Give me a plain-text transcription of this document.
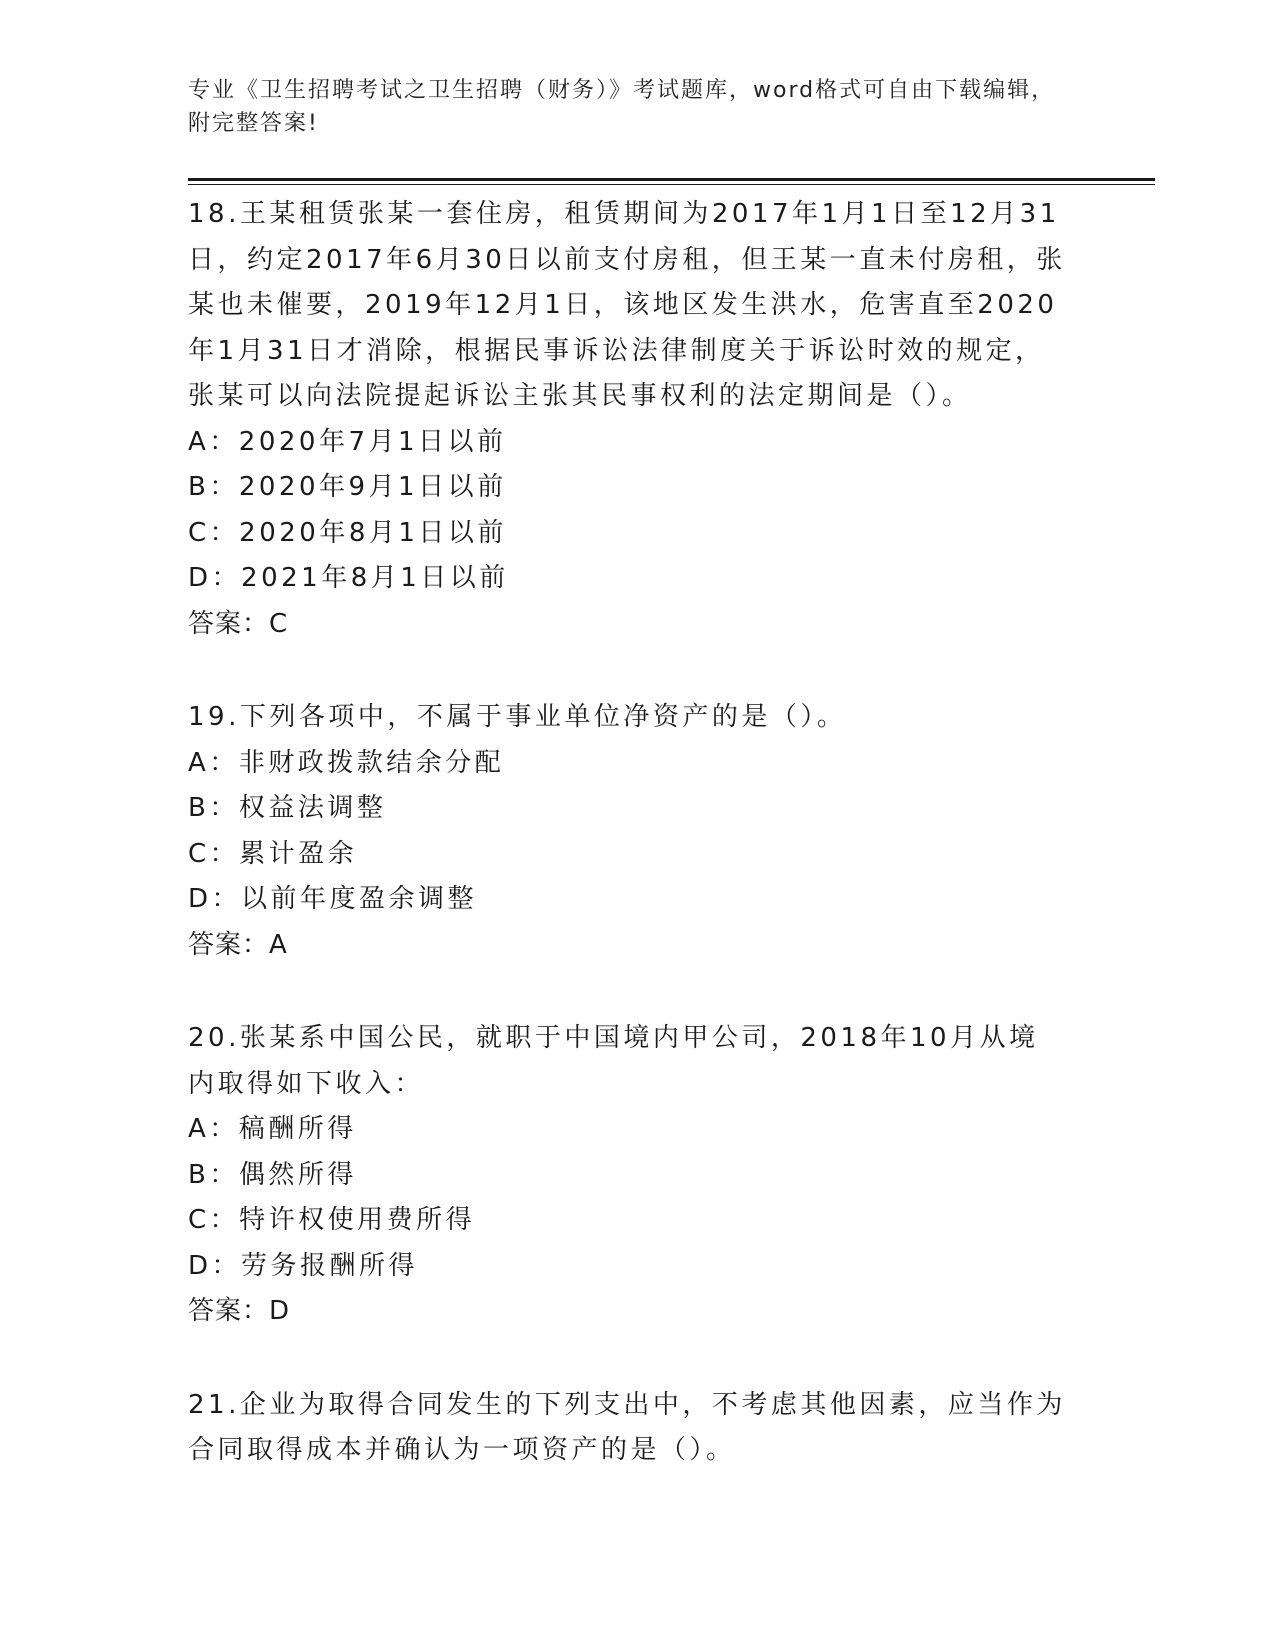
专业《卫生招聘考试之卫生招聘（财务）》考试题库，word格式可自由下载编辑，附完整答案!

18.王某租赁张某一套住房，租赁期间为2017年1月1日至12月31日，约定2017年6月30日以前支付房租，但王某一直未付房租，张某也未催要，2019年12月1日，该地区发生洪水，危害直至2020年1月31日才消除，根据民事诉讼法律制度关于诉讼时效的规定，张某可以向法院提起诉讼主张其民事权利的法定期间是（）。

A：2020年7月1日以前

B：2020年9月1日以前

C：2020年8月1日以前

D：2021年8月1日以前

答案：C

19.下列各项中，不属于事业单位净资产的是（）。

A：非财政拨款结余分配

B：权益法调整

C：累计盈余

D：以前年度盈余调整

答案：A

20.张某系中国公民，就职于中国境内甲公司，2018年10月从境内取得如下收入：

A：稿酬所得

B：偶然所得

C：特许权使用费所得

D：劳务报酬所得

答案：D

21.企业为取得合同发生的下列支出中，不考虑其他因素，应当作为合同取得成本并确认为一项资产的是（）。
